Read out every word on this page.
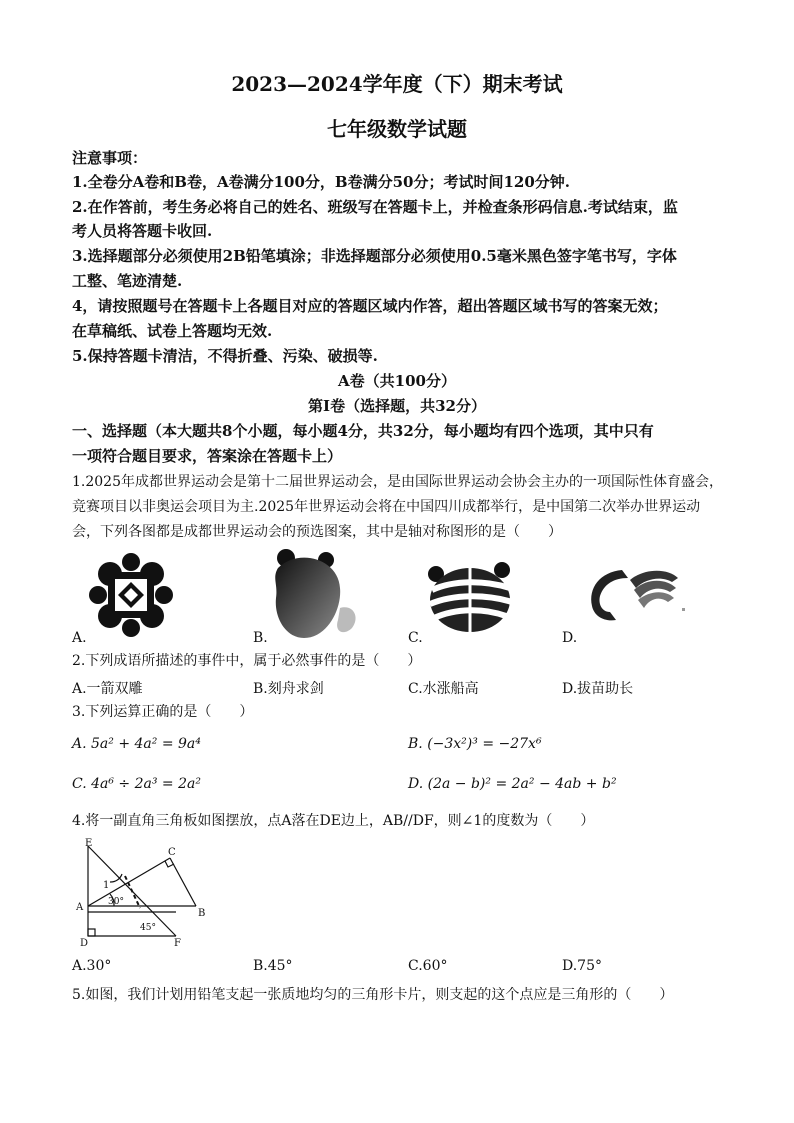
2023—2024学年度（下）期末考试
七年级数学试题
注意事项：
1.全卷分A卷和B卷，A卷满分100分，B卷满分50分；考试时间120分钟.
2.在作答前，考生务必将自己的姓名、班级写在答题卡上，并检查条形码信息.考试结束，监
考人员将答题卡收回.
3.选择题部分必须使用2B铅笔填涂；非选择题部分必须使用0.5毫米黑色签字笔书写，字体
工整、笔迹清楚.
4，请按照题号在答题卡上各题目对应的答题区域内作答，超出答题区域书写的答案无效；
在草稿纸、试卷上答题均无效.
5.保持答题卡清洁，不得折叠、污染、破损等.
A卷（共100分）
第Ⅰ卷（选择题，共32分）
一、选择题（本大题共8个小题，每小题4分，共32分，每小题均有四个选项，其中只有
一项符合题目要求，答案涂在答题卡上）
1.2025年成都世界运动会是第十二届世界运动会，是由国际世界运动会协会主办的一项国际性体育盛会，
竞赛项目以非奥运会项目为主.2025年世界运动会将在中国四川成都举行，是中国第二次举办世界运动
会，下列各图都是成都世界运动会的预选图案，其中是轴对称图形的是（　　）
A.	B.	C.	D.
2.下列成语所描述的事件中，属于必然事件的是（　　）
A.一箭双雕	B.刻舟求剑	C.水涨船高	D.拔苗助长
3.下列运算正确的是（　　）
A. 5a² + 4a² = 9a⁴	B. (−3x²)³ = −27x⁶
C. 4a⁶ ÷ 2a³ = 2a²	D. (2a − b)² = 2a² − 4ab + b²
4.将一副直角三角板如图摆放，点A落在DE边上，AB//DF，则∠1的度数为（　　）
E
C
A
B
D	F
1
30°
45°
A.30°	B.45°	C.60°	D.75°
5.如图，我们计划用铅笔支起一张质地均匀的三角形卡片，则支起的这个点应是三角形的（　　）
